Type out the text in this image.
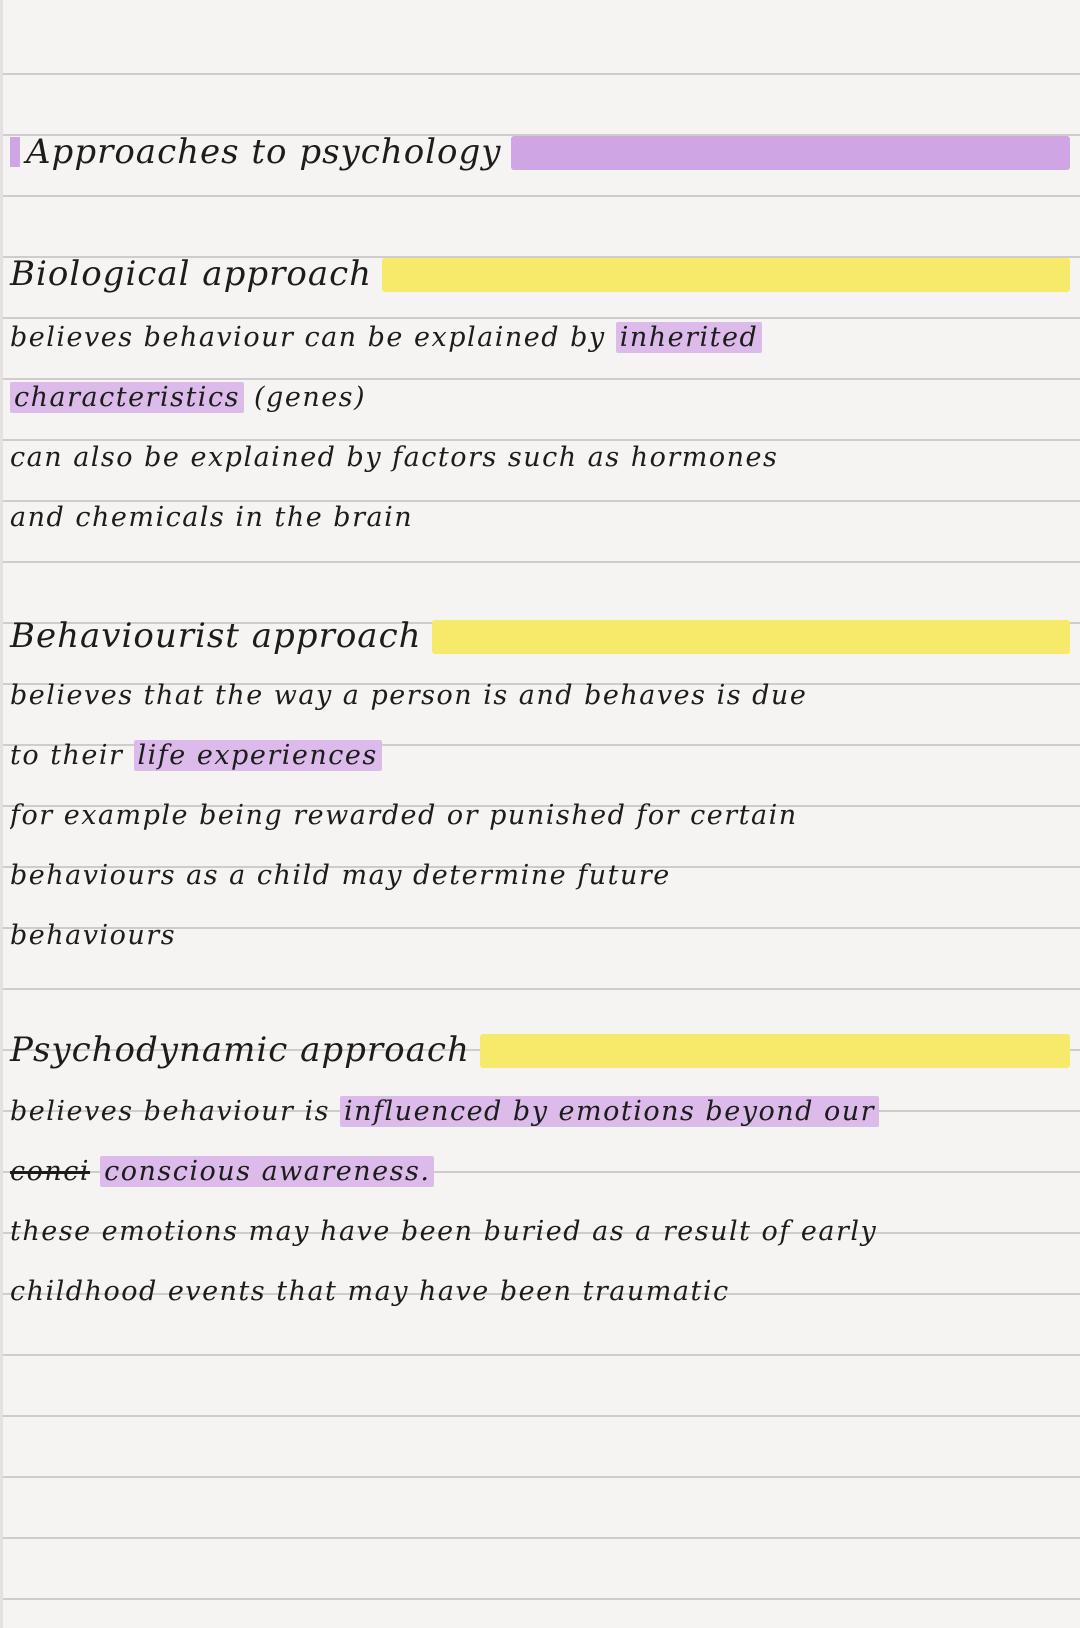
Approaches to psychology
Biological approach
believes behaviour can be explained by inherited
characteristics (genes)
can also be explained by factors such as hormones
and chemicals in the brain
Behaviourist approach
believes that the way a person is and behaves is due
to their life experiences
for example being rewarded or punished for certain
behaviours as a child may determine future
behaviours
Psychodynamic approach
believes behaviour is influenced by emotions beyond our
conci conscious awareness.
these emotions may have been buried as a result of early
childhood events that may have been traumatic
